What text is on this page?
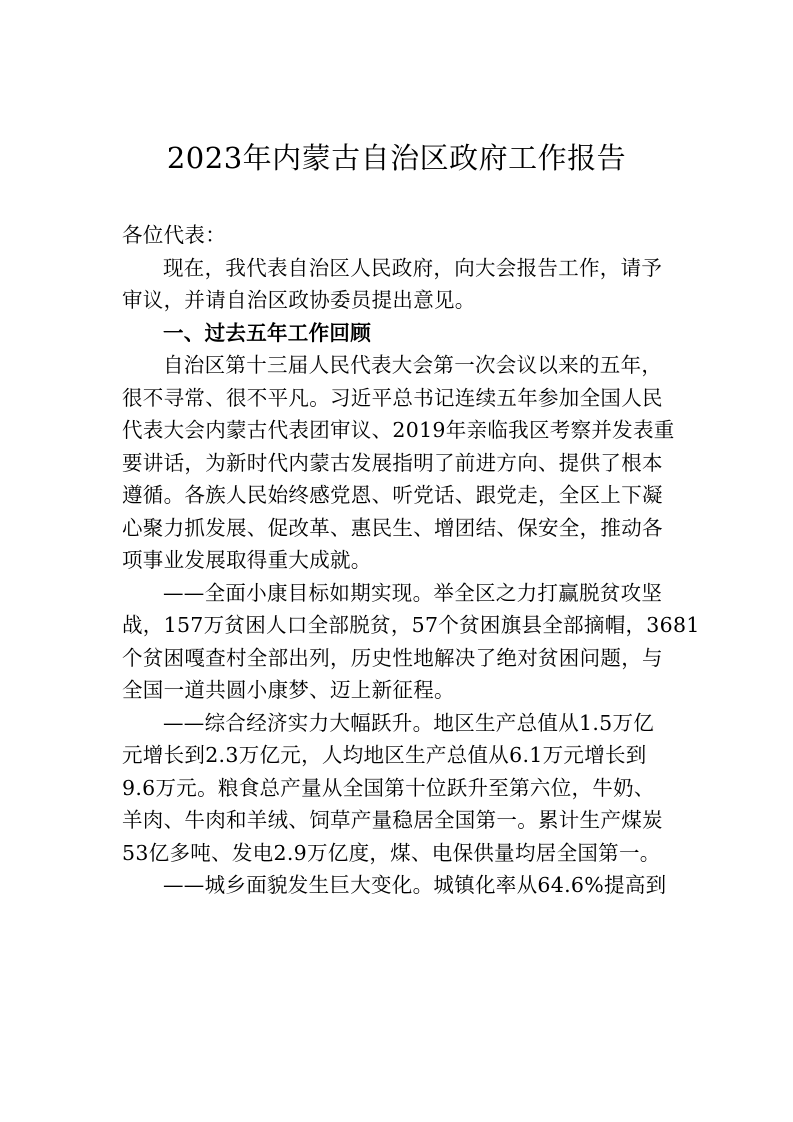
2023年内蒙古自治区政府工作报告
各位代表：
现在，我代表自治区人民政府，向大会报告工作，请予
审议，并请自治区政协委员提出意见。
一、过去五年工作回顾
自治区第十三届人民代表大会第一次会议以来的五年，
很不寻常、很不平凡。习近平总书记连续五年参加全国人民
代表大会内蒙古代表团审议、2019年亲临我区考察并发表重
要讲话，为新时代内蒙古发展指明了前进方向、提供了根本
遵循。各族人民始终感党恩、听党话、跟党走，全区上下凝
心聚力抓发展、促改革、惠民生、增团结、保安全，推动各
项事业发展取得重大成就。
——全面小康目标如期实现。举全区之力打赢脱贫攻坚
战，157万贫困人口全部脱贫，57个贫困旗县全部摘帽，3681
个贫困嘎查村全部出列，历史性地解决了绝对贫困问题，与
全国一道共圆小康梦、迈上新征程。
——综合经济实力大幅跃升。地区生产总值从1.5万亿
元增长到2.3万亿元，人均地区生产总值从6.1万元增长到
9.6万元。粮食总产量从全国第十位跃升至第六位，牛奶、
羊肉、牛肉和羊绒、饲草产量稳居全国第一。累计生产煤炭
53亿多吨、发电2.9万亿度，煤、电保供量均居全国第一。
——城乡面貌发生巨大变化。城镇化率从64.6%提高到
